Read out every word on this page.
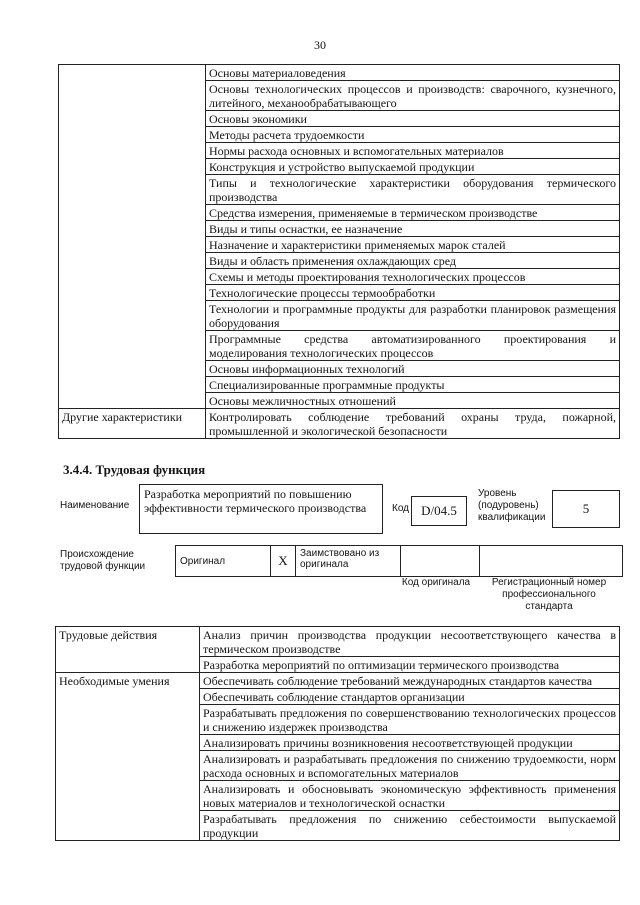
30
	Основы материаловедения
	Основы технологических процессов и производств: сварочного, кузнечного, литейного, механообрабатывающего
	Основы экономики
	Методы расчета трудоемкости
	Нормы расхода основных и вспомогательных материалов
	Конструкция и устройство выпускаемой продукции
	Типы и технологические характеристики оборудования термического производства
	Средства измерения, применяемые в термическом производстве
	Виды и типы оснастки, ее назначение
	Назначение и характеристики применяемых марок сталей
	Виды и область применения охлаждающих сред
	Схемы и методы проектирования технологических процессов
	Технологические процессы термообработки
	Технологии и программные продукты для разработки планировок размещения оборудования
	Программные средства автоматизированного проектирования и моделирования технологических процессов
	Основы информационных технологий
	Специализированные программные продукты
	Основы межличностных отношений
Другие характеристики	Контролировать соблюдение требований охраны труда, пожарной, промышленной и экологической безопасности
3.4.4. Трудовая функция
Наименование
Разработка мероприятий по повышению эффективности термического производства	Код D/04.5
Уровень (подуровень) квалификации
5
Происхождение трудовой функции	Оригинал	X	Заимствовано из оригинала		
Код оригинала	Регистрационный номер профессионального стандарта
Трудовые действия	Анализ причин производства продукции несоответствующего качества в термическом производстве
	Разработка мероприятий по оптимизации термического производства
Необходимые умения	Обеспечивать соблюдение требований международных стандартов качества
	Обеспечивать соблюдение стандартов организации
	Разрабатывать предложения по совершенствованию технологических процессов и снижению издержек производства
	Анализировать причины возникновения несоответствующей продукции
	Анализировать и разрабатывать предложения по снижению трудоемкости, норм расхода основных и вспомогательных материалов
	Анализировать и обосновывать экономическую эффективность применения новых материалов и технологической оснастки
	Разрабатывать предложения по снижению себестоимости выпускаемой продукции
